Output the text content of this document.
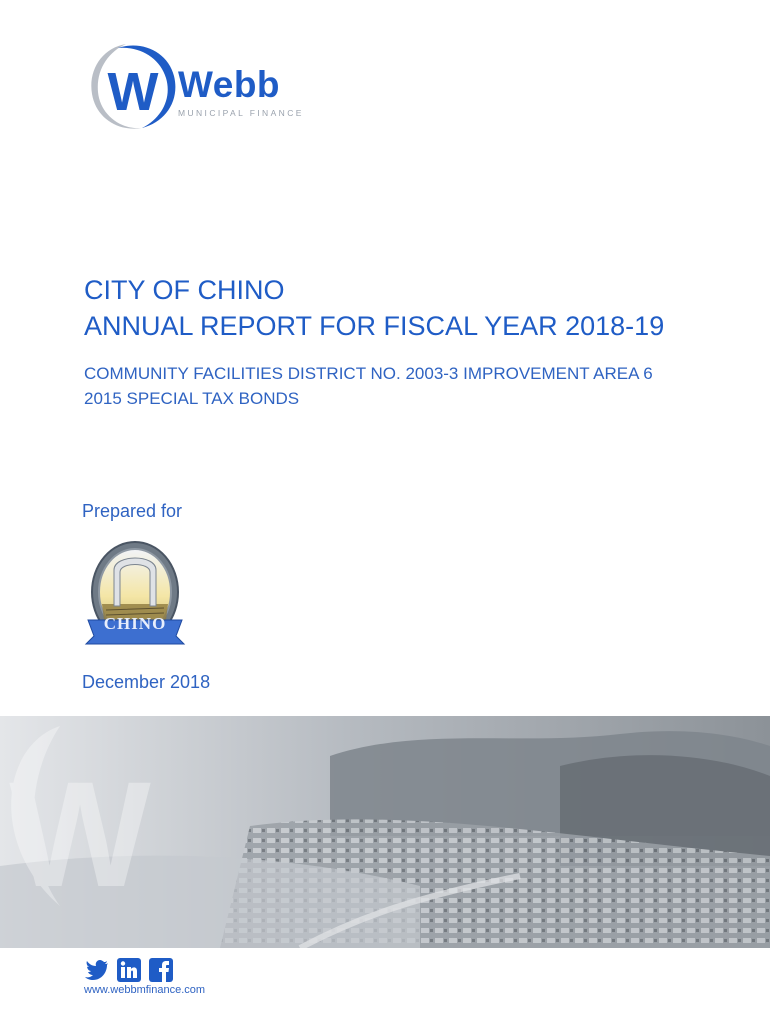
W Webb
MUNICIPAL FINANCE
CITY OF CHINO
ANNUAL REPORT FOR FISCAL YEAR 2018-19

COMMUNITY FACILITIES DISTRICT NO. 2003-3 IMPROVEMENT AREA 6

2015 SPECIAL TAX BONDS

Prepared for
CHINO
December 2018
W
www.webbmfinance.com
